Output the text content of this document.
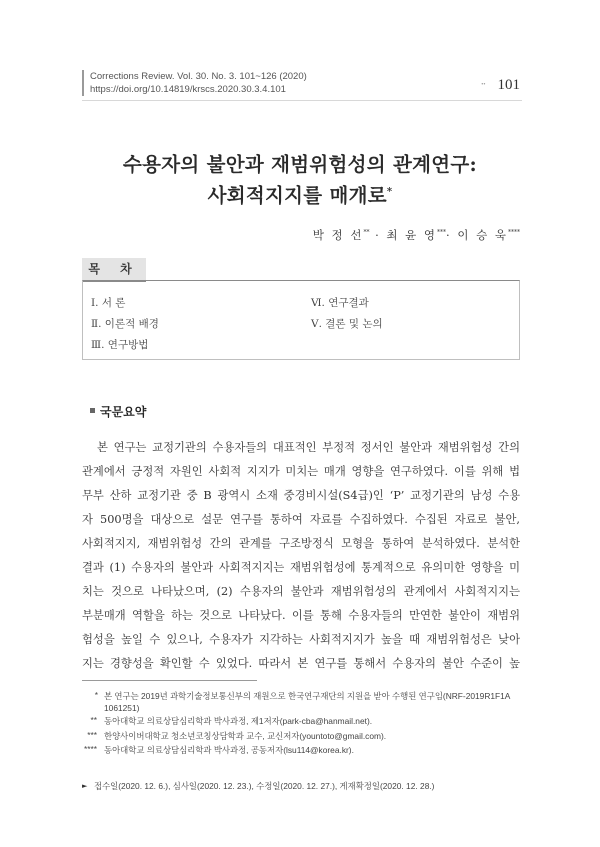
Corrections Review. Vol. 30. No. 3. 101~126 (2020)
https://doi.org/10.14819/krscs.2020.30.3.4.101	•• 101
수용자의 불안과 재범위험성의 관계연구:
사회적지지를 매개로*
박 정 선** · 최 윤 영***· 이 승 욱****
목 차
Ⅰ. 서 론
Ⅱ. 이론적 배경
Ⅲ. 연구방법
Ⅵ. 연구결과
Ⅴ. 결론 및 논의
국문요약
본 연구는 교정기관의 수용자들의 대표적인 부정적 정서인 불안과 재범위험성 간의
관계에서 긍정적 자원인 사회적 지지가 미치는 매개 영향을 연구하였다. 이를 위해 법
무부 산하 교정기관 중 B 광역시 소재 중경비시설(S4급)인 ‘P’ 교정기관의 남성 수용
자 500명을 대상으로 설문 연구를 통하여 자료를 수집하였다. 수집된 자료로 불안,
사회적지지, 재범위험성 간의 관계를 구조방정식 모형을 통하여 분석하였다. 분석한
결과 (1) 수용자의 불안과 사회적지지는 재범위험성에 통계적으로 유의미한 영향을 미
치는 것으로 나타났으며, (2) 수용자의 불안과 재범위험성의 관계에서 사회적지지는
부분매개 역할을 하는 것으로 나타났다. 이를 통해 수용자들의 만연한 불안이 재범위
험성을 높일 수 있으나, 수용자가 지각하는 사회적지지가 높을 때 재범위험성은 낮아
지는 경향성을 확인할 수 있었다. 따라서 본 연구를 통해서 수용자의 불안 수준이 높
* 본 연구는 2019년 과학기술정보통신부의 재원으로 한국연구재단의 지원을 받아 수행된 연구임(NRF-2019R1F1A
1061251)
** 동아대학교 의료상담심리학과 박사과정, 제1저자(park-cba@hanmail.net).
*** 한양사이버대학교 청소년코칭상담학과 교수, 교신저자(yountoto@gmail.com).
**** 동아대학교 의료상담심리학과 박사과정, 공동저자(lsu114@korea.kr).
► 접수일(2020. 12. 6.), 심사일(2020. 12. 23.), 수정일(2020. 12. 27.), 게재확정일(2020. 12. 28.)
